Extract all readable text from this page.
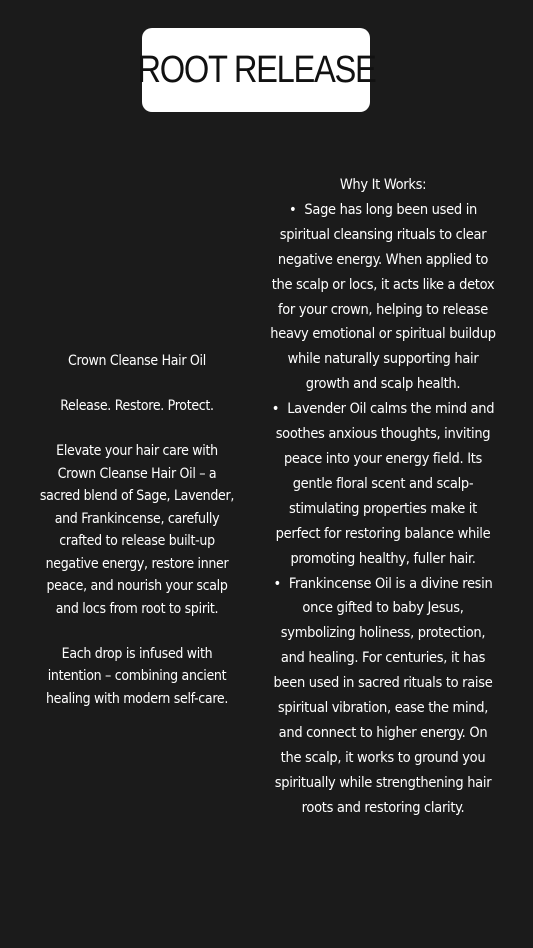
ROOT RELEASE

Crown Cleanse Hair Oil

Release. Restore. Protect.

Elevate your hair care with Crown Cleanse Hair Oil – a sacred blend of Sage, Lavender, and Frankincense, carefully crafted to release built-up negative energy, restore inner peace, and nourish your scalp and locs from root to spirit.

Each drop is infused with intention – combining ancient healing with modern self-care.

Why It Works:

• Sage has long been used in spiritual cleansing rituals to clear negative energy. When applied to the scalp or locs, it acts like a detox for your crown, helping to release heavy emotional or spiritual buildup while naturally supporting hair growth and scalp health.

• Lavender Oil calms the mind and soothes anxious thoughts, inviting peace into your energy field. Its gentle floral scent and scalp-stimulating properties make it perfect for restoring balance while promoting healthy, fuller hair.

• Frankincense Oil is a divine resin once gifted to baby Jesus, symbolizing holiness, protection, and healing. For centuries, it has been used in sacred rituals to raise spiritual vibration, ease the mind, and connect to higher energy. On the scalp, it works to ground you spiritually while strengthening hair roots and restoring clarity.
